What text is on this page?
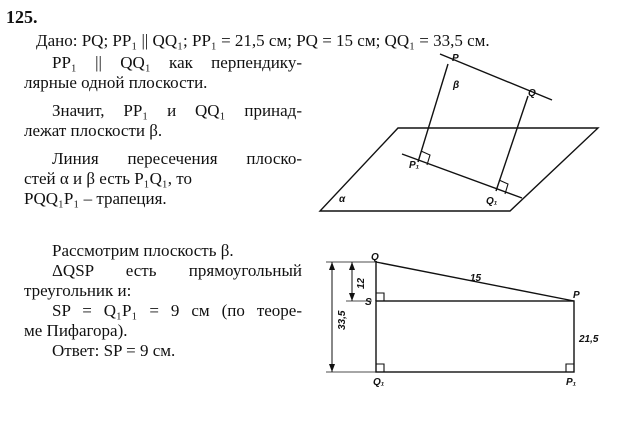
125.
Дано: PQ; PP₁ || QQ₁; PP₁ = 21,5 см; PQ = 15 см; QQ₁ = 33,5 см.
PP₁ || QQ₁ как перпендику-
лярные одной плоскости.
Значит, PP₁ и QQ₁ принад-
лежат плоскости β.
Линия пересечения плоско-
стей α и β есть P₁Q₁, то
PQQ₁P₁ – трапеция.
Рассмотрим плоскость β.
ΔQSP есть прямоугольный
треугольник и:
SP = Q₁P₁ = 9 см (по теоре-
ме Пифагора).
Ответ: SP = 9 см.
P
Q
P₁
Q₁
α
β
Q
S
P
Q₁	P₁
15
21,5
12
33,5
